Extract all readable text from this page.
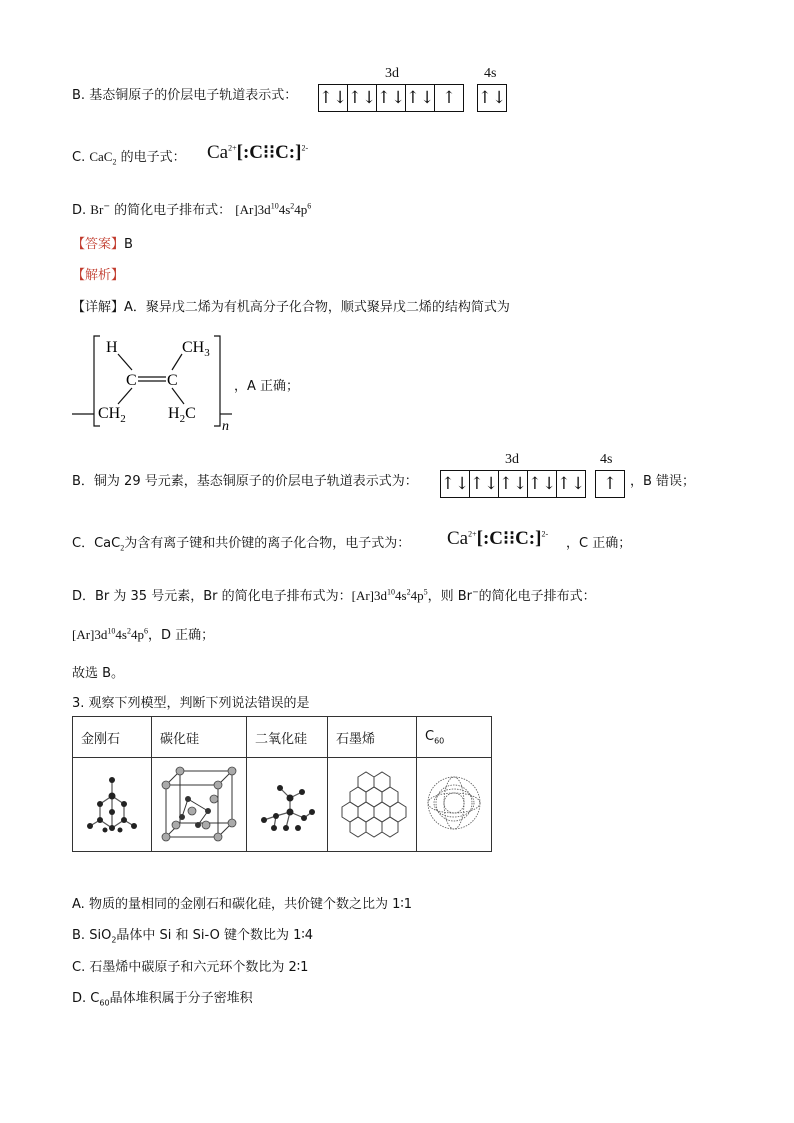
B. 基态铜原子的价层电子轨道表示式：
3d	4s
↑↓ ↑↓ ↑↓ ↑↓ ↑	↑↓
C. CaC$_2$ 的电子式： $Ca^{2+}[:C⁝⁝C:]^{2-}$
D. Br− 的简化电子排布式： $[Ar]3d^{10}4s^24p^6$
【答案】B
【解析】
【详解】A．聚异戊二烯为有机高分子化合物，顺式聚异戊二烯的结构简式为
H	$CH_3$
C C
$CH_2$	$H_2C$
n
，A 正确；
B．铜为 29 号元素，基态铜原子的价层电子轨道表示式为：
3d	4s
↑↓ ↑↓ ↑↓ ↑↓ ↑↓	↑ ，B 错误；
C．CaC$_2$为含有离子键和共价键的离子化合物，电子式为： $Ca^{2+}[:C⁝⁝C:]^{2-}$
，C 正确；
D．Br 为 35 号元素，Br 的简化电子排布式为：$[Ar]3d^{10}4s^24p^5$，则 Br−的简化电子排布式：
$[Ar]3d^{10}4s^24p^6$，D 正确；
故选 B。
3. 观察下列模型，判断下列说法错误的是
金刚石	碳化硅	二氧化硅	石墨烯	$C_{60}$

A. 物质的量相同的金刚石和碳化硅，共价键个数之比为 1∶1
B. SiO$_2$晶体中 Si 和 Si-O 键个数比为 1∶4
C. 石墨烯中碳原子和六元环个数比为 2∶1
D. $C_{60}$晶体堆积属于分子密堆积
